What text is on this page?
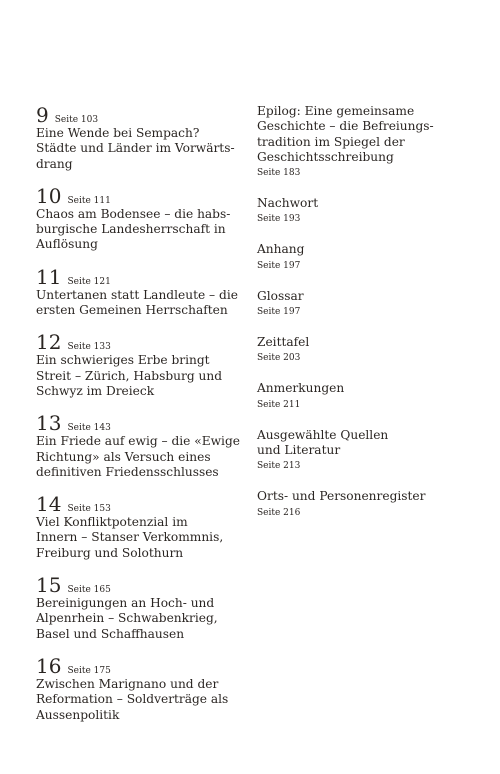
9 Seite 103
Eine Wende bei Sempach?
Städte und Länder im Vorwärts-
drang
10 Seite 111
Chaos am Bodensee – die habs-
burgische Landesherrschaft in
Auflösung
11 Seite 121
Untertanen statt Landleute – die
ersten Gemeinen Herrschaften
12 Seite 133
Ein schwieriges Erbe bringt
Streit – Zürich, Habsburg und
Schwyz im Dreieck
13 Seite 143
Ein Friede auf ewig – die «Ewige
Richtung» als Versuch eines
definitiven Friedensschlusses
14 Seite 153
Viel Konfliktpotenzial im
Innern – Stanser Verkommnis,
Freiburg und Solothurn
15 Seite 165
Bereinigungen an Hoch- und
Alpenrhein – Schwabenkrieg,
Basel und Schaffhausen
16 Seite 175
Zwischen Marignano und der
Reformation – Soldverträge als
Aussenpolitik
Epilog: Eine gemeinsame
Geschichte – die Befreiungs-
tradition im Spiegel der
Geschichtsschreibung
Seite 183
Nachwort
Seite 193
Anhang
Seite 197
Glossar
Seite 197
Zeittafel
Seite 203
Anmerkungen
Seite 211
Ausgewählte Quellen
und Literatur
Seite 213
Orts- und Personenregister
Seite 216
